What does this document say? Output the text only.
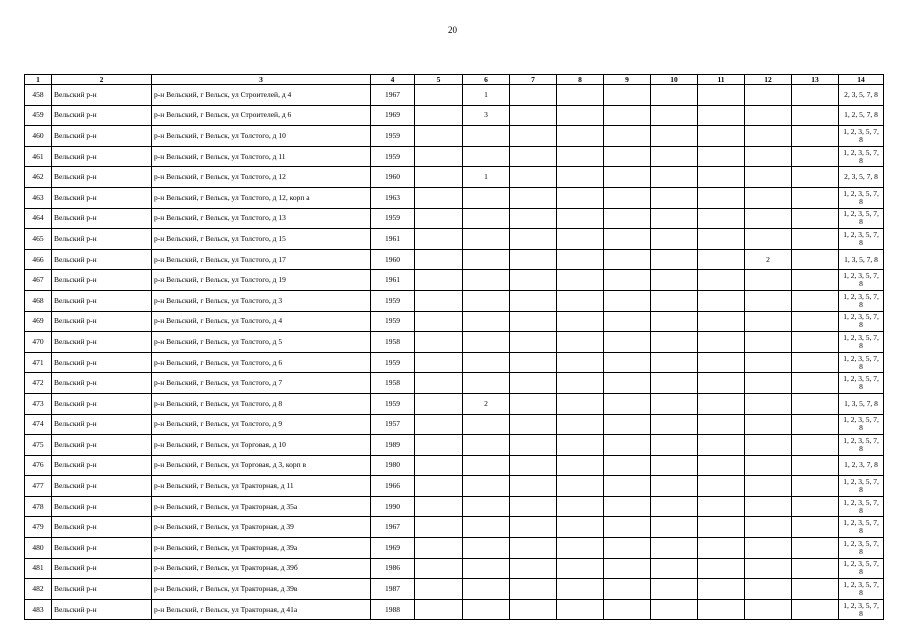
20
1	2	3	4	5	6	7	8	9	10	11	12	13	14
458	Вельский р-н	р-н Вельский, г Вельск, ул Строителей, д 4	1967		1								2, 3, 5, 7, 8
459	Вельский р-н	р-н Вельский, г Вельск, ул Строителей, д 6	1969		3								1, 2, 5, 7, 8
460	Вельский р-н	р-н Вельский, г Вельск, ул Толстого, д 10	1959										1, 2, 3, 5, 7, 8
461	Вельский р-н	р-н Вельский, г Вельск, ул Толстого, д 11	1959										1, 2, 3, 5, 7, 8
462	Вельский р-н	р-н Вельский, г Вельск, ул Толстого, д 12	1960		1								2, 3, 5, 7, 8
463	Вельский р-н	р-н Вельский, г Вельск, ул Толстого, д 12, корп а	1963										1, 2, 3, 5, 7, 8
464	Вельский р-н	р-н Вельский, г Вельск, ул Толстого, д 13	1959										1, 2, 3, 5, 7, 8
465	Вельский р-н	р-н Вельский, г Вельск, ул Толстого, д 15	1961										1, 2, 3, 5, 7, 8
466	Вельский р-н	р-н Вельский, г Вельск, ул Толстого, д 17	1960								2		1, 3, 5, 7, 8
467	Вельский р-н	р-н Вельский, г Вельск, ул Толстого, д 19	1961										1, 2, 3, 5, 7, 8
468	Вельский р-н	р-н Вельский, г Вельск, ул Толстого, д 3	1959										1, 2, 3, 5, 7, 8
469	Вельский р-н	р-н Вельский, г Вельск, ул Толстого, д 4	1959										1, 2, 3, 5, 7, 8
470	Вельский р-н	р-н Вельский, г Вельск, ул Толстого, д 5	1958										1, 2, 3, 5, 7, 8
471	Вельский р-н	р-н Вельский, г Вельск, ул Толстого, д 6	1959										1, 2, 3, 5, 7, 8
472	Вельский р-н	р-н Вельский, г Вельск, ул Толстого, д 7	1958										1, 2, 3, 5, 7, 8
473	Вельский р-н	р-н Вельский, г Вельск, ул Толстого, д 8	1959		2								1, 3, 5, 7, 8
474	Вельский р-н	р-н Вельский, г Вельск, ул Толстого, д 9	1957										1, 2, 3, 5, 7, 8
475	Вельский р-н	р-н Вельский, г Вельск, ул Торговая, д 10	1989										1, 2, 3, 5, 7, 8
476	Вельский р-н	р-н Вельский, г Вельск, ул Торговая, д 3, корп в	1980										1, 2, 3, 7, 8
477	Вельский р-н	р-н Вельский, г Вельск, ул Тракторная, д 11	1966										1, 2, 3, 5, 7, 8
478	Вельский р-н	р-н Вельский, г Вельск, ул Тракторная, д 35а	1990										1, 2, 3, 5, 7, 8
479	Вельский р-н	р-н Вельский, г Вельск, ул Тракторная, д 39	1967										1, 2, 3, 5, 7, 8
480	Вельский р-н	р-н Вельский, г Вельск, ул Тракторная, д 39а	1969										1, 2, 3, 5, 7, 8
481	Вельский р-н	р-н Вельский, г Вельск, ул Тракторная, д 39б	1986										1, 2, 3, 5, 7, 8
482	Вельский р-н	р-н Вельский, г Вельск, ул Тракторная, д 39в	1987										1, 2, 3, 5, 7, 8
483	Вельский р-н	р-н Вельский, г Вельск, ул Тракторная, д 41а	1988										1, 2, 3, 5, 7, 8
